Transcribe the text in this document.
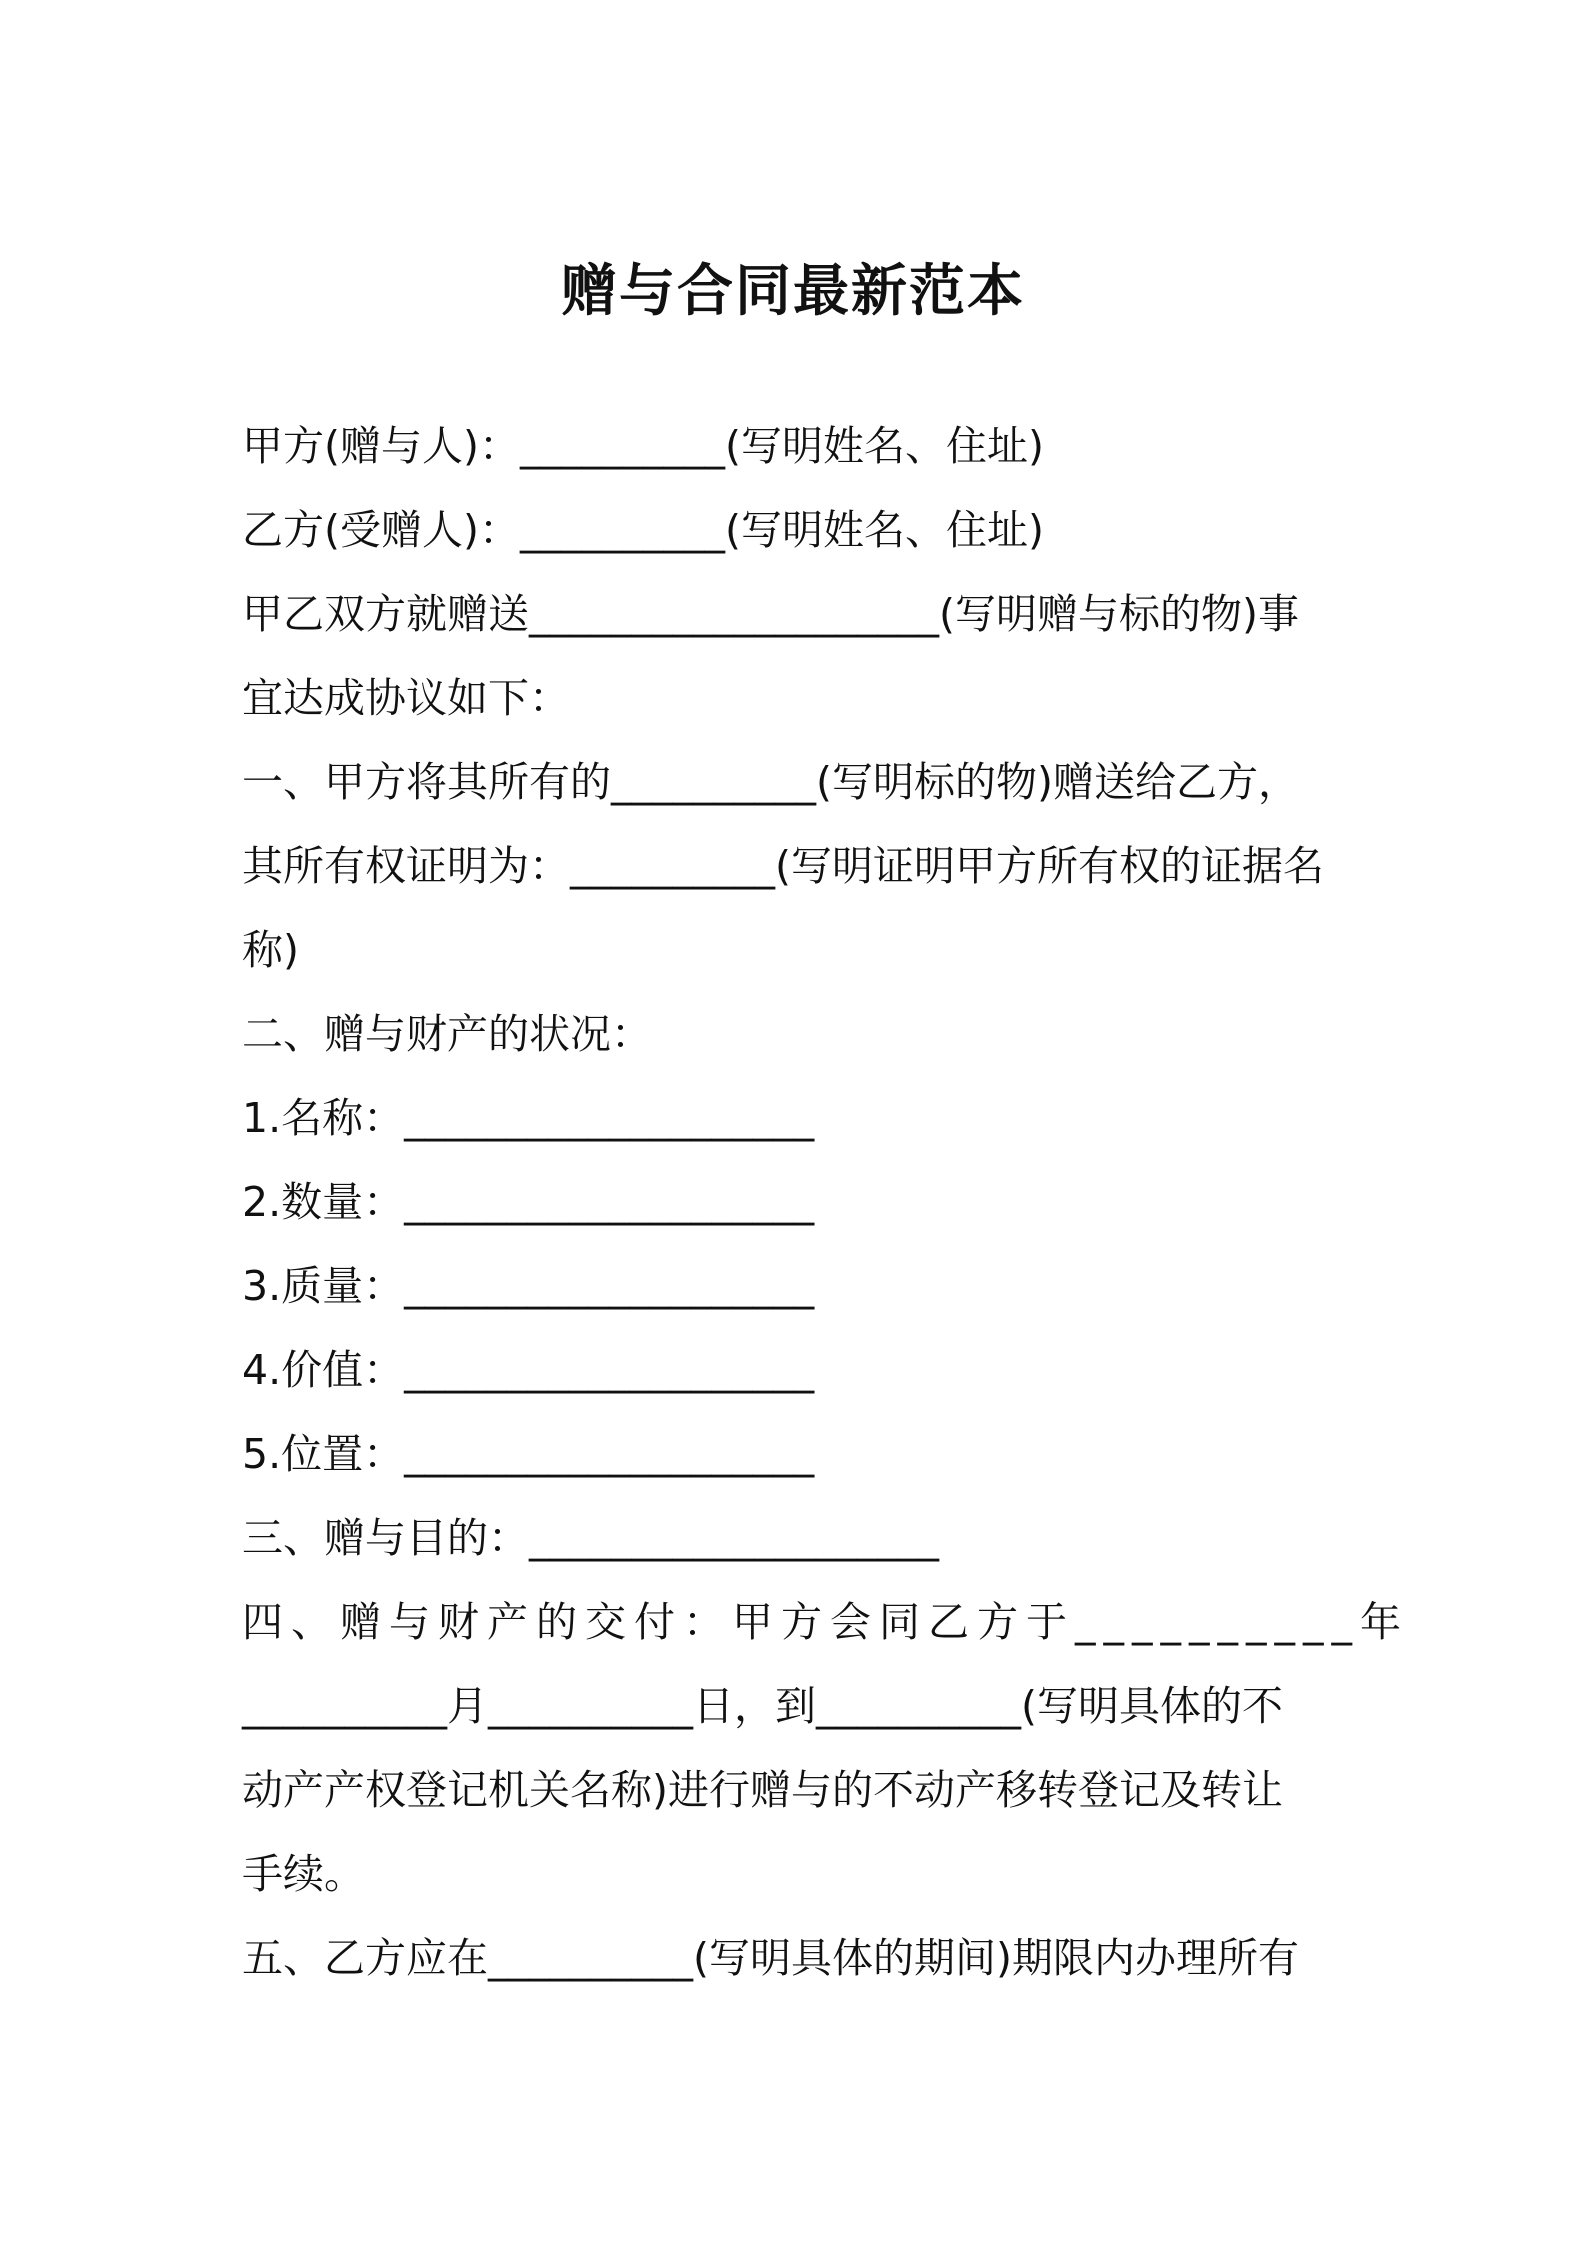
赠与合同最新范本
甲方(赠与人)：__________(写明姓名、住址)
乙方(受赠人)：__________(写明姓名、住址)
甲乙双方就赠送____________________(写明赠与标的物)事
宜达成协议如下：
一、甲方将其所有的__________(写明标的物)赠送给乙方，
其所有权证明为：__________(写明证明甲方所有权的证据名
称)
二、赠与财产的状况：
1.名称：____________________
2.数量：____________________
3.质量：____________________
4.价值：____________________
5.位置：____________________
三、赠与目的：____________________
四、赠与财产的交付：甲方会同乙方于__________年
__________月__________日，到__________(写明具体的不
动产产权登记机关名称)进行赠与的不动产移转登记及转让
手续。
五、乙方应在__________(写明具体的期间)期限内办理所有
